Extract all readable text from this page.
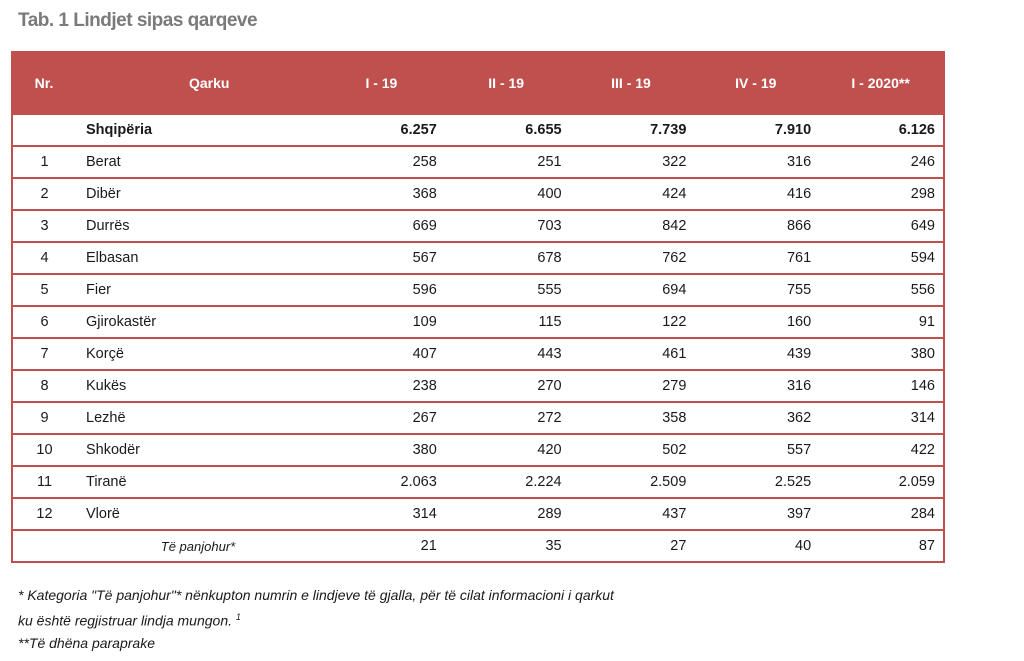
Tab. 1 Lindjet sipas qarqeve
Nr.	Qarku	I - 19	II - 19	III - 19	IV - 19	I - 2020**
	Shqipëria	6.257	6.655	7.739	7.910	6.126
1	Berat	258	251	322	316	246
2	Dibër	368	400	424	416	298
3	Durrës	669	703	842	866	649
4	Elbasan	567	678	762	761	594
5	Fier	596	555	694	755	556
6	Gjirokastër	109	115	122	160	91
7	Korçë	407	443	461	439	380
8	Kukës	238	270	279	316	146
9	Lezhë	267	272	358	362	314
10	Shkodër	380	420	502	557	422
11	Tiranë	2.063	2.224	2.509	2.525	2.059
12	Vlorë	314	289	437	397	284
	Të panjohur*	21	35	27	40	87
* Kategoria "Të panjohur"* nënkupton numrin e lindjeve të gjalla, për të cilat informacioni i qarkut
ku është regjistruar lindja mungon. $^1$
**Të dhëna paraprake
